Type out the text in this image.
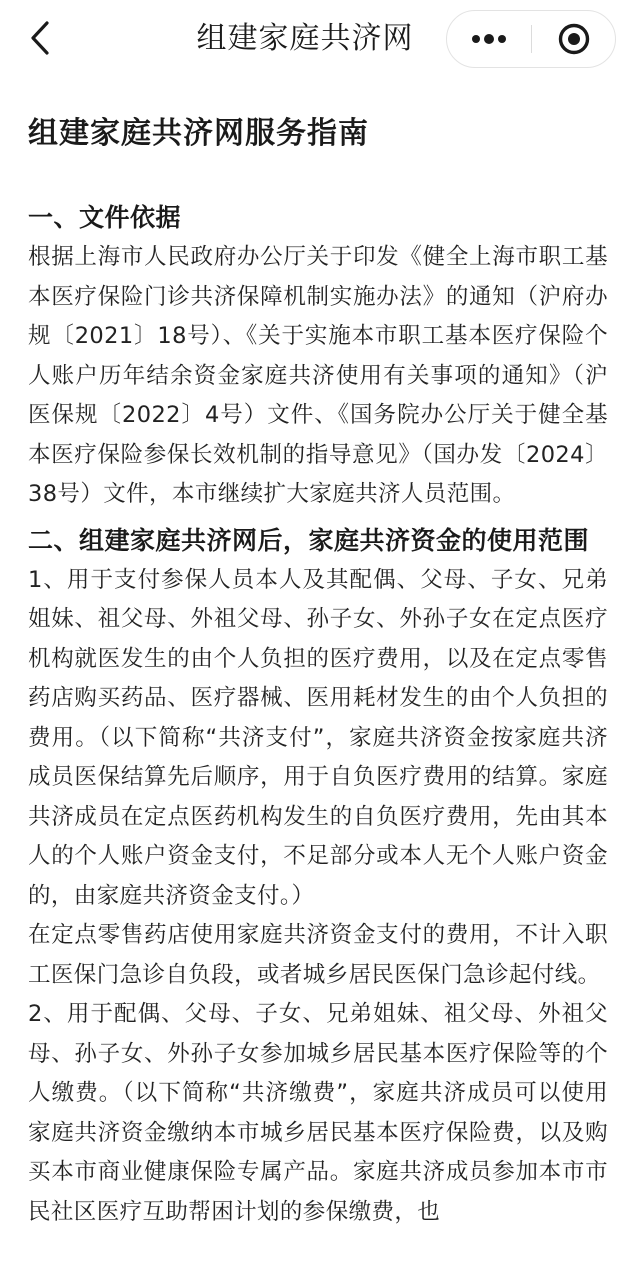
组建家庭共济网
组建家庭共济网服务指南
一、文件依据

根据上海市人民政府办公厅关于印发《健全上海市职工基本医疗保险门诊共济保障机制实施办法》的通知（沪府办规〔2021〕18号）、《关于实施本市职工基本医疗保险个人账户历年结余资金家庭共济使用有关事项的通知》（沪医保规〔2022〕4号）文件、《国务院办公厅关于健全基本医疗保险参保长效机制的指导意见》（国办发〔2024〕38号）文件，本市继续扩大家庭共济人员范围。

二、组建家庭共济网后，家庭共济资金的使用范围

1、用于支付参保人员本人及其配偶、父母、子女、兄弟姐妹、祖父母、外祖父母、孙子女、外孙子女在定点医疗机构就医发生的由个人负担的医疗费用，以及在定点零售药店购买药品、医疗器械、医用耗材发生的由个人负担的费用。（以下简称“共济支付”，家庭共济资金按家庭共济成员医保结算先后顺序，用于自负医疗费用的结算。家庭共济成员在定点医药机构发生的自负医疗费用，先由其本人的个人账户资金支付，不足部分或本人无个人账户资金的，由家庭共济资金支付。）

在定点零售药店使用家庭共济资金支付的费用，不计入职工医保门急诊自负段，或者城乡居民医保门急诊起付线。

2、用于配偶、父母、子女、兄弟姐妹、祖父母、外祖父母、孙子女、外孙子女参加城乡居民基本医疗保险等的个人缴费。（以下简称“共济缴费”，家庭共济成员可以使用家庭共济资金缴纳本市城乡居民基本医疗保险费，以及购买本市商业健康保险专属产品。家庭共济成员参加本市市民社区医疗互助帮困计划的参保缴费，也
